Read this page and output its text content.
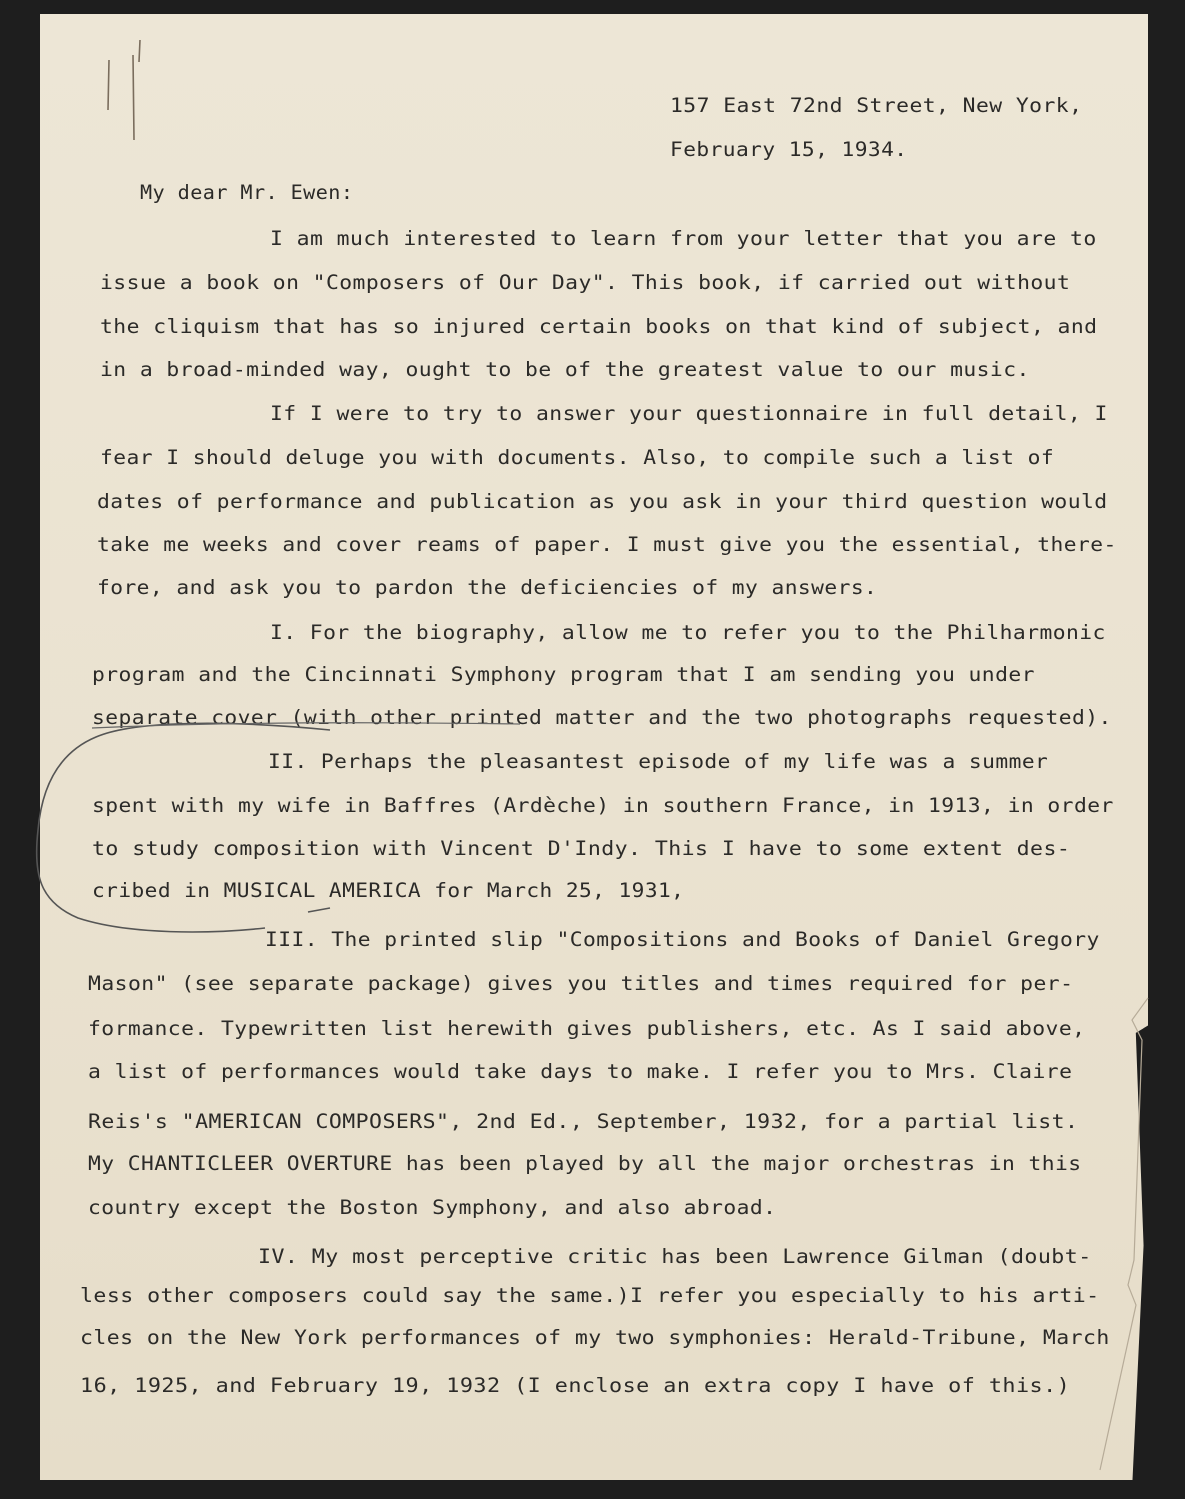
157 East 72nd Street, New York,
February 15, 1934.
My dear Mr. Ewen:
I am much interested to learn from your letter that you are to
issue a book on "Composers of Our Day". This book, if carried out without
the cliquism that has so injured certain books on that kind of subject, and
in a broad-minded way, ought to be of the greatest value to our music.
If I were to try to answer your questionnaire in full detail, I
fear I should deluge you with documents. Also, to compile such a list of
dates of performance and publication as you ask in your third question would
take me weeks and cover reams of paper. I must give you the essential, there-
fore, and ask you to pardon the deficiencies of my answers.
I. For the biography, allow me to refer you to the Philharmonic
program and the Cincinnati Symphony program that I am sending you under
separate cover (with other printed matter and the two photographs requested).
II. Perhaps the pleasantest episode of my life was a summer
spent with my wife in Baffres (Ardèche) in southern France, in 1913, in order
to study composition with Vincent D'Indy. This I have to some extent des-
cribed in MUSICAL AMERICA for March 25, 1931,
III. The printed slip "Compositions and Books of Daniel Gregory
Mason" (see separate package) gives you titles and times required for per-
formance. Typewritten list herewith gives publishers, etc. As I said above,
a list of performances would take days to make. I refer you to Mrs. Claire
Reis's "AMERICAN COMPOSERS", 2nd Ed., September, 1932, for a partial list.
My CHANTICLEER OVERTURE has been played by all the major orchestras in this
country except the Boston Symphony, and also abroad.
IV. My most perceptive critic has been Lawrence Gilman (doubt-
less other composers could say the same.)I refer you especially to his arti-
cles on the New York performances of my two symphonies: Herald-Tribune, March
16, 1925, and February 19, 1932 (I enclose an extra copy I have of this.)
